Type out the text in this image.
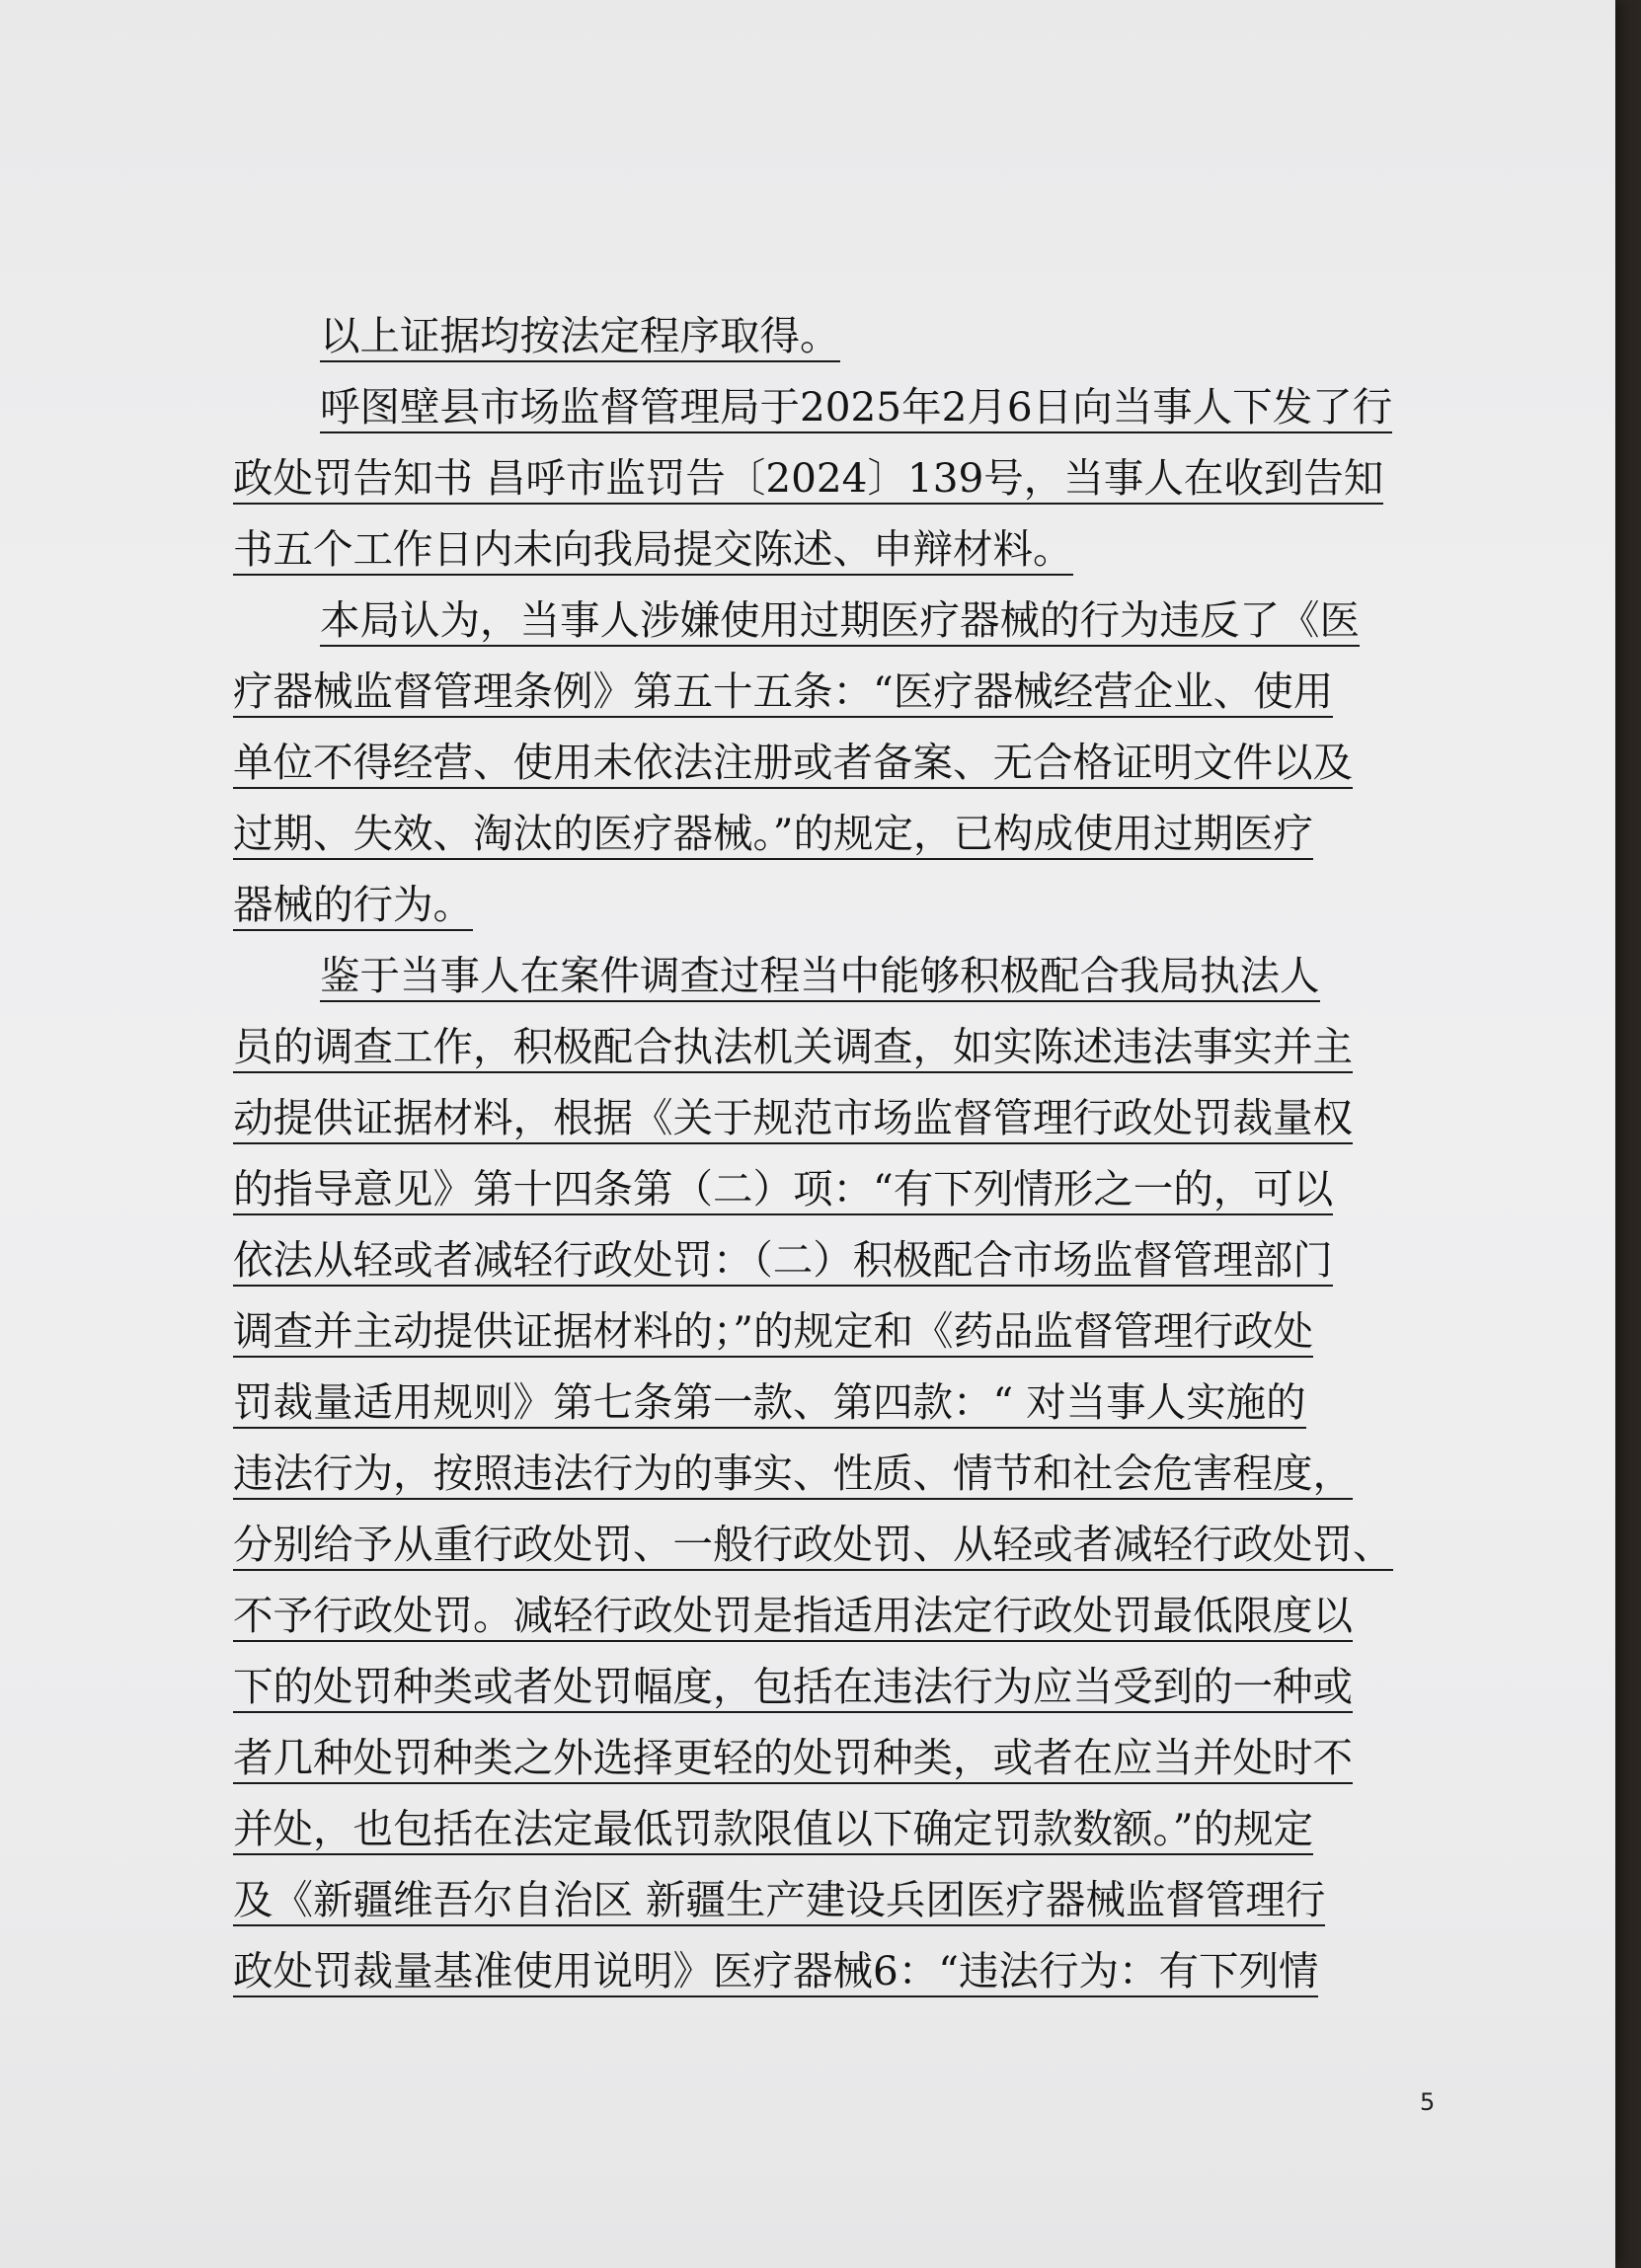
以上证据均按法定程序取得。
呼图壁县市场监督管理局于2025年2月6日向当事人下发了行
政处罚告知书 昌呼市监罚告〔2024〕139号，当事人在收到告知
书五个工作日内未向我局提交陈述、申辩材料。
本局认为，当事人涉嫌使用过期医疗器械的行为违反了《医
疗器械监督管理条例》第五十五条：“医疗器械经营企业、使用
单位不得经营、使用未依法注册或者备案、无合格证明文件以及
过期、失效、淘汰的医疗器械。”的规定，已构成使用过期医疗
器械的行为。
鉴于当事人在案件调查过程当中能够积极配合我局执法人
员的调查工作，积极配合执法机关调查，如实陈述违法事实并主
动提供证据材料，根据《关于规范市场监督管理行政处罚裁量权
的指导意见》第十四条第（二）项：“有下列情形之一的，可以
依法从轻或者减轻行政处罚：（二）积极配合市场监督管理部门
调查并主动提供证据材料的；”的规定和《药品监督管理行政处
罚裁量适用规则》第七条第一款、第四款：“ 对当事人实施的
违法行为，按照违法行为的事实、性质、情节和社会危害程度，
分别给予从重行政处罚、一般行政处罚、从轻或者减轻行政处罚、
不予行政处罚。减轻行政处罚是指适用法定行政处罚最低限度以
下的处罚种类或者处罚幅度，包括在违法行为应当受到的一种或
者几种处罚种类之外选择更轻的处罚种类，或者在应当并处时不
并处，也包括在法定最低罚款限值以下确定罚款数额。”的规定
及《新疆维吾尔自治区 新疆生产建设兵团医疗器械监督管理行
政处罚裁量基准使用说明》医疗器械6：“违法行为：有下列情
5
